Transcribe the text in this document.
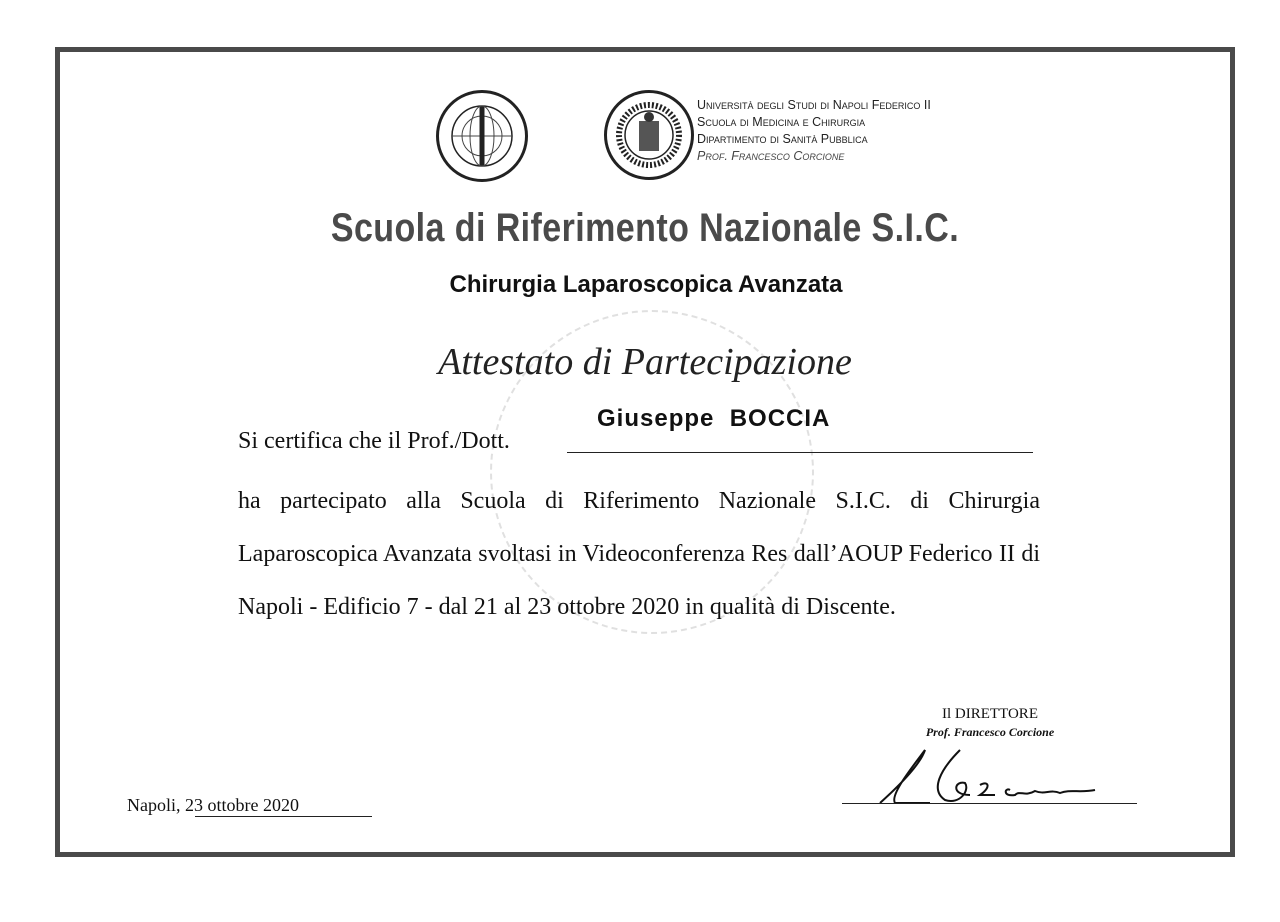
Università degli Studi di Napoli Federico II
Scuola di Medicina e Chirurgia
Dipartimento di Sanità Pubblica
Prof. Francesco Corcione
Scuola di Riferimento Nazionale S.I.C.
Chirurgia Laparoscopica Avanzata
Attestato di Partecipazione
Si certifica che il Prof./Dott.
Giuseppe  BOCCIA
ha partecipato alla Scuola di Riferimento Nazionale S.I.C. di Chirurgia Laparoscopica Avanzata svoltasi in Videoconferenza Res dall’AOUP Federico II di Napoli - Edificio 7 - dal 21 al 23 ottobre 2020 in qualità di Discente.
Napoli, 23 ottobre 2020
Il DIRETTORE
Prof. Francesco Corcione
